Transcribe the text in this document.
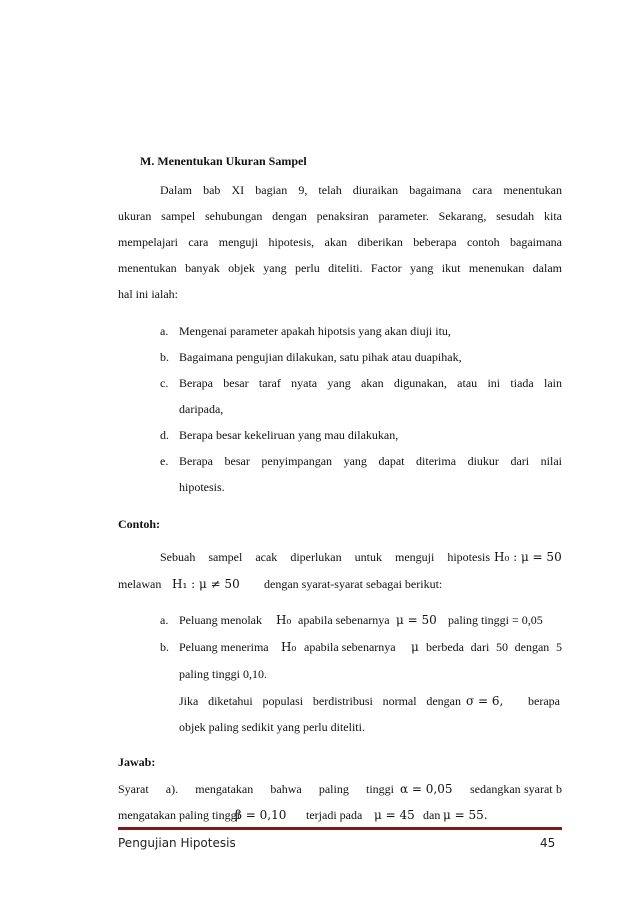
M. Menentukan Ukuran Sampel
Dalam bab XI bagian 9, telah diuraikan bagaimana cara menentukan
ukuran sampel sehubungan dengan penaksiran parameter. Sekarang, sesudah kita
mempelajari cara menguji hipotesis, akan diberikan beberapa contoh bagaimana
menentukan banyak objek yang perlu diteliti. Factor yang ikut menenukan dalam
hal ini ialah:
a. Mengenai parameter apakah hipotsis yang akan diuji itu,
b. Bagaimana pengujian dilakukan, satu pihak atau duapihak,
c. Berapa besar taraf nyata yang akan digunakan, atau ini tiada lain
daripada,
d. Berapa besar kekeliruan yang mau dilakukan,
e. Berapa besar penyimpangan yang dapat diterima diukur dari nilai
hipotesis.
Contoh:
Sebuah sampel acak diperlukan untuk menguji hipotesis H₀ : μ = 50
melawan H₁ : μ ≠ 50 dengan syarat-syarat sebagai berikut:
a. Peluang menolak H₀ apabila sebenarnya μ = 50 paling tinggi = 0,05
b. Peluang menerima H₀ apabila sebenarnya μ berbeda dari 50 dengan 5
paling tinggi 0,10.
Jika diketahui populasi berdistribusi normal dengan σ = 6, berapa
objek paling sedikit yang perlu diteliti.
Jawab:
Syarat a). mengatakan bahwa paling tinggi α = 0,05 sedangkan syarat b
mengatakan paling tinggi
β = 0,10 terjadi pada μ = 45 dan μ = 55.
Pengujian Hipotesis	45
